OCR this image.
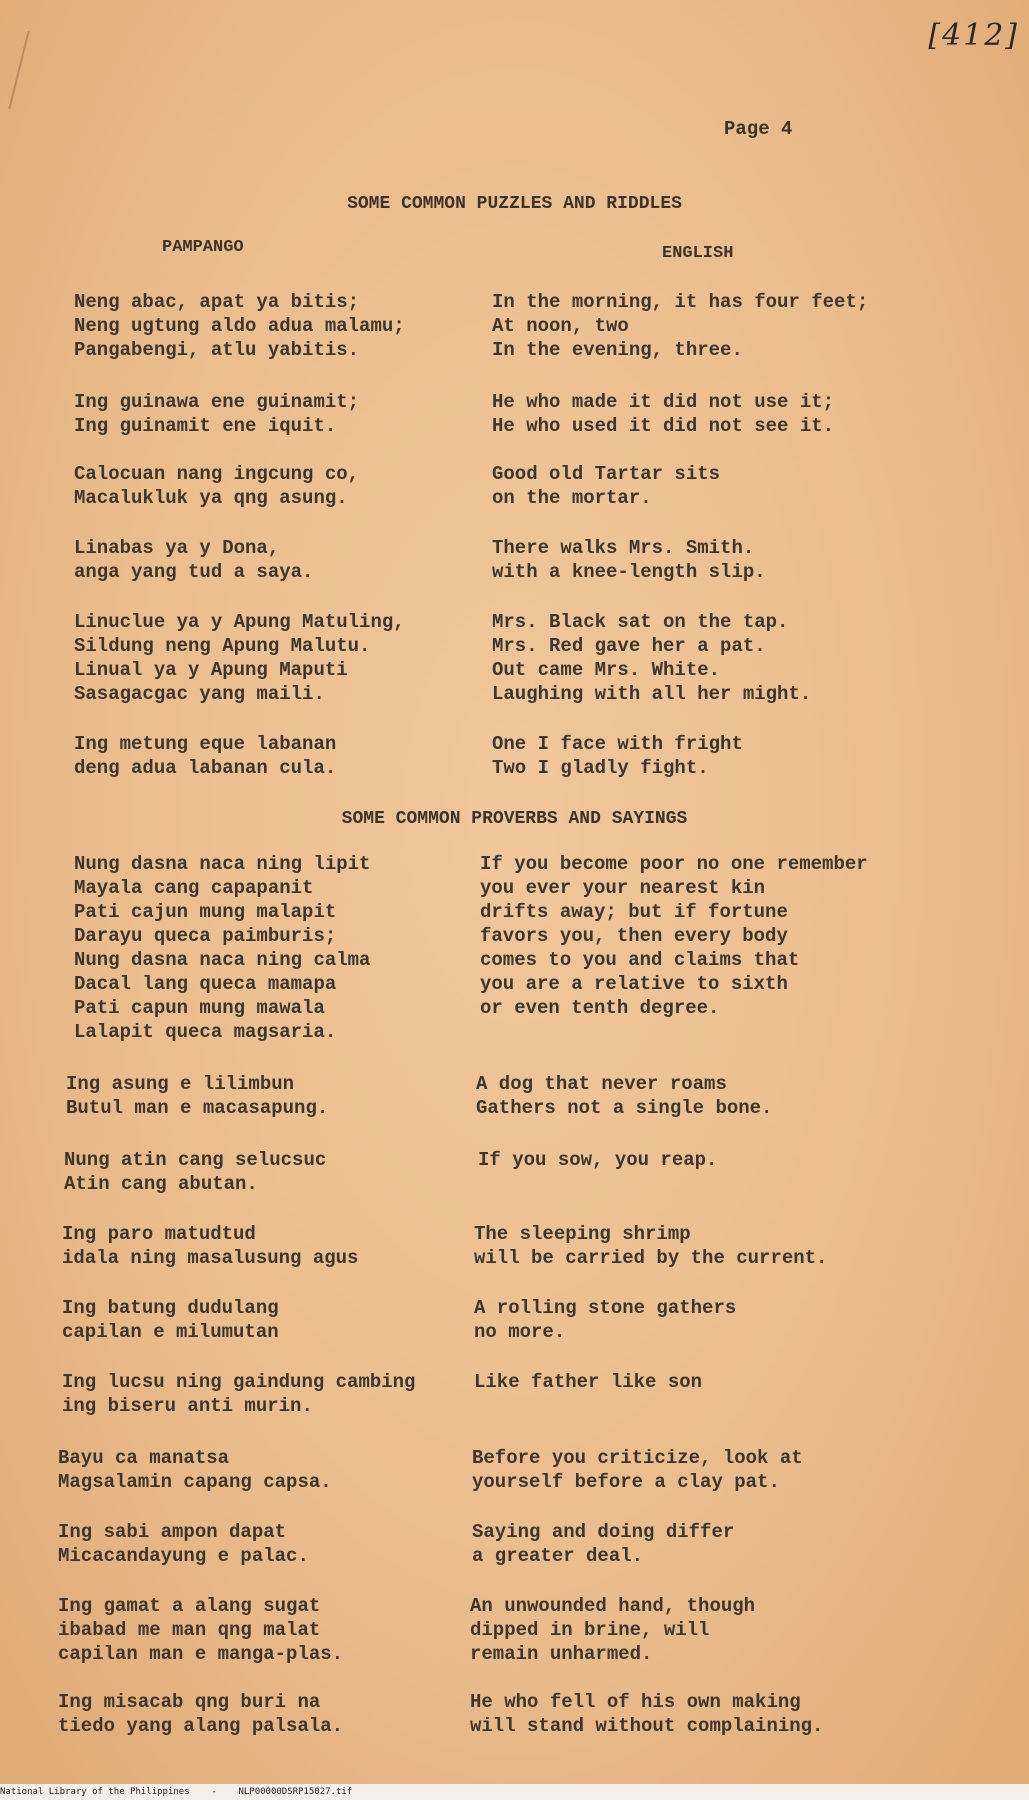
[412]
Page 4
SOME COMMON PUZZLES AND RIDDLES
PAMPANGO	ENGLISH
Neng abac, apat ya bitis;
Neng ugtung aldo adua malamu;
Pangabengi, atlu yabitis.
In the morning, it has four feet;
At noon, two
In the evening, three.
Ing guinawa ene guinamit;
Ing guinamit ene iquit.
He who made it did not use it;
He who used it did not see it.
Calocuan nang ingcung co,
Macalukluk ya qng asung.
Good old Tartar sits
on the mortar.
Linabas ya y Dona,
anga yang tud a saya.
There walks Mrs. Smith.
with a knee-length slip.
Linuclue ya y Apung Matuling,
Sildung neng Apung Malutu.
Linual ya y Apung Maputi
Sasagacgac yang maili.
Mrs. Black sat on the tap.
Mrs. Red gave her a pat.
Out came Mrs. White.
Laughing with all her might.
Ing metung eque labanan
deng adua labanan cula.
One I face with fright
Two I gladly fight.
SOME COMMON PROVERBS AND SAYINGS
Nung dasna naca ning lipit
Mayala cang capapanit
Pati cajun mung malapit
Darayu queca paimburis;
Nung dasna naca ning calma
Dacal lang queca mamapa
Pati capun mung mawala
Lalapit queca magsaria.
If you become poor no one remember
you ever your nearest kin
drifts away; but if fortune
favors you, then every body
comes to you and claims that
you are a relative to sixth
or even tenth degree.
Ing asung e lilimbun
Butul man e macasapung.
A dog that never roams
Gathers not a single bone.
Nung atin cang selucsuc
Atin cang abutan.
If you sow, you reap.
Ing paro matudtud
idala ning masalusung agus
The sleeping shrimp
will be carried by the current.
Ing batung dudulang
capilan e milumutan
A rolling stone gathers
no more.
Ing lucsu ning gaindung cambing
ing biseru anti murin.
Like father like son
Bayu ca manatsa
Magsalamin capang capsa.
Before you criticize, look at
yourself before a clay pat.
Ing sabi ampon dapat
Micacandayung e palac.
Saying and doing differ
a greater deal.
Ing gamat a alang sugat
ibabad me man qng malat
capilan man e manga-plas.
An unwounded hand, though
dipped in brine, will
remain unharmed.
Ing misacab qng buri na
tiedo yang alang palsala.
He who fell of his own making
will stand without complaining.
National Library of the Philippines    -    NLP00000DSRP15027.tif
